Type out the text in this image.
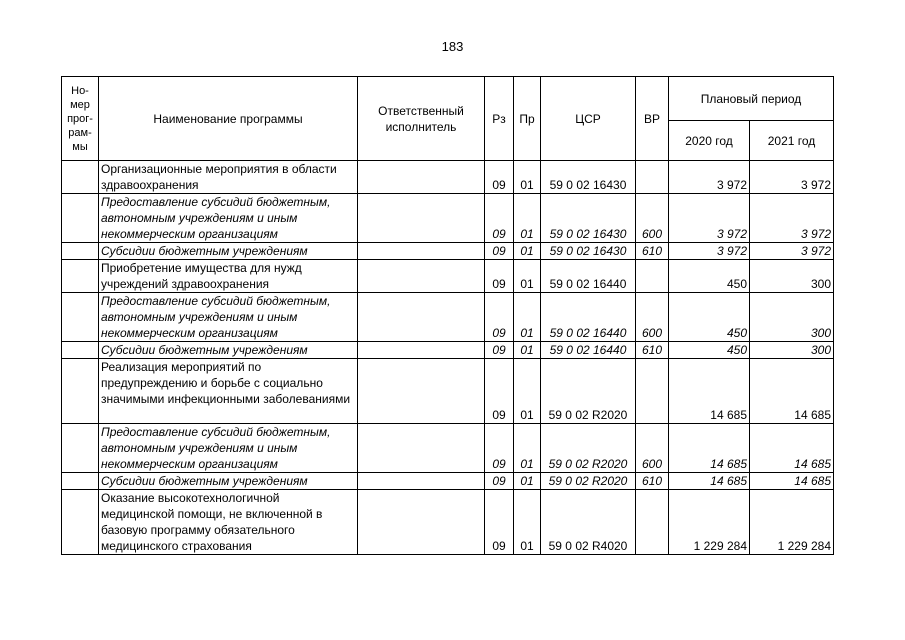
183
Но-
мер
прог-
рам-
мы	Наименование программы	Ответственный исполнитель	Рз	Пр	ЦСР	ВР	Плановый период	
							2020 год	2021 год
	Организационные мероприятия в области здравоохранения		09	01	59 0 02 16430		3 972	3 972
	Предоставление субсидий бюджетным, автономным учреждениям и иным некоммерческим организациям		09	01	59 0 02 16430	600	3 972	3 972
	Субсидии бюджетным учреждениям		09	01	59 0 02 16430	610	3 972	3 972
	Приобретение имущества для нужд учреждений здравоохранения		09	01	59 0 02 16440		450	300
	Предоставление субсидий бюджетным, автономным учреждениям и иным некоммерческим организациям		09	01	59 0 02 16440	600	450	300
	Субсидии бюджетным учреждениям		09	01	59 0 02 16440	610	450	300
	Реализация мероприятий по предупреждению и борьбе с социально значимыми инфекционными заболеваниями		09	01	59 0 02 R2020		14 685	14 685
	Предоставление субсидий бюджетным, автономным учреждениям и иным некоммерческим организациям		09	01	59 0 02 R2020	600	14 685	14 685
	Субсидии бюджетным учреждениям		09	01	59 0 02 R2020	610	14 685	14 685
	Оказание высокотехнологичной медицинской помощи, не включенной в базовую программу обязательного медицинского страхования		09	01	59 0 02 R4020		1 229 284	1 229 284
